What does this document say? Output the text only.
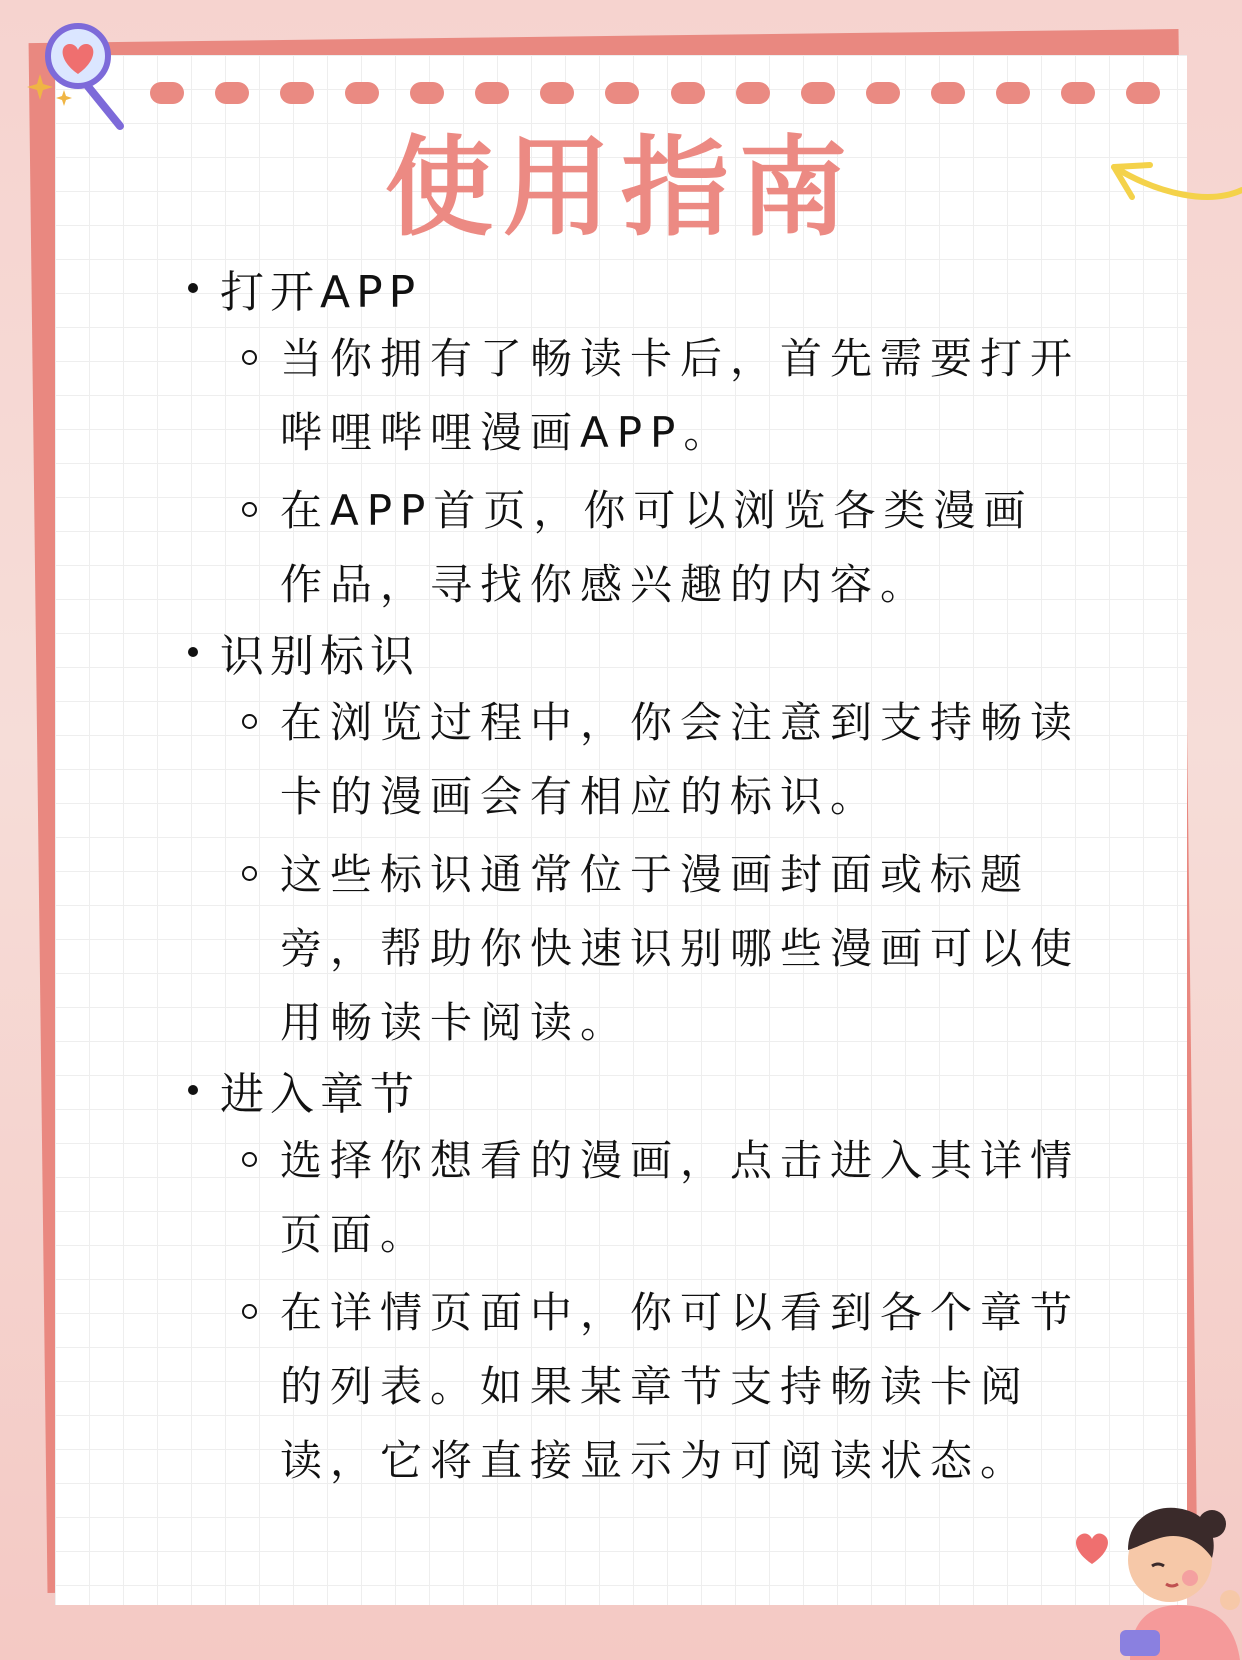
使用指南
打开APP
当你拥有了畅读卡后，首先需要打开哔哩哔哩漫画APP。
在APP首页，你可以浏览各类漫画作品，寻找你感兴趣的内容。
识别标识
在浏览过程中，你会注意到支持畅读卡的漫画会有相应的标识。
这些标识通常位于漫画封面或标题旁，帮助你快速识别哪些漫画可以使用畅读卡阅读。
进入章节
选择你想看的漫画，点击进入其详情页面。
在详情页面中，你可以看到各个章节的列表。如果某章节支持畅读卡阅读，它将直接显示为可阅读状态。
